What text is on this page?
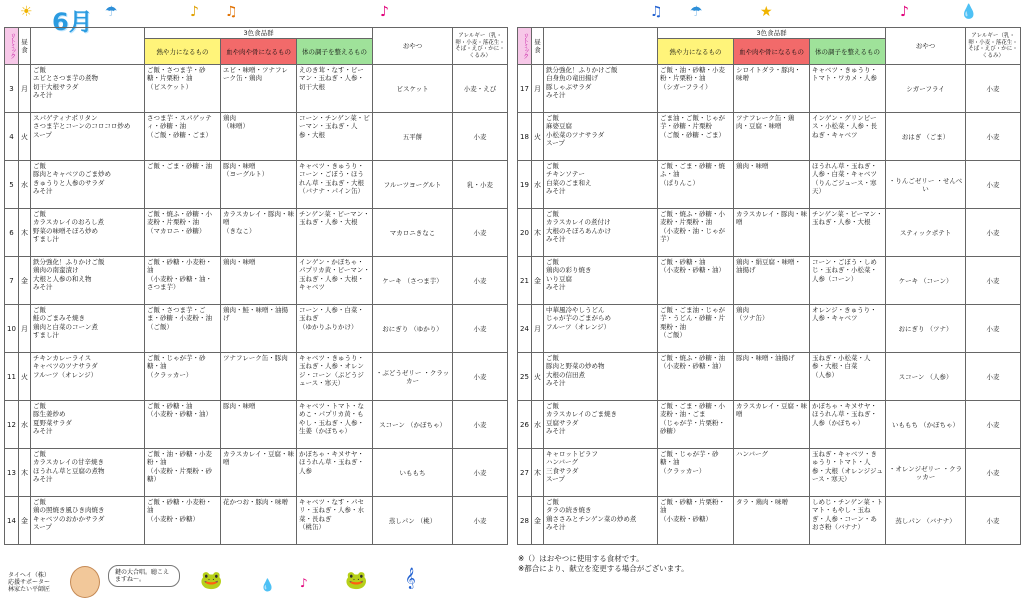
6月
☀	☂	♪ ♫	♪	♫ ☂	★	♪	💧
リトミック	昼食		3色食品群			おやつ	アレルギー（乳・卵・小麦・落花生・そば・えび・かに・くるみ）
			熱や力になるもの	血や肉や骨になるもの	体の調子を整えるもの		
3	月	ご飯
エビとさつま芋の煮物
切干大根サラダ
みそ汁	ご飯・さつま芋・砂糖・片栗粉・油
（ビスケット）	エビ・味噌・ツナフレーク缶・鶏肉	えのき茸・なす・ピーマン・玉ねぎ・人参・切干大根	ビスケット	小麦・えび
4	火	スパゲティナポリタン
さつま芋とコーンのコロコロ炒め
スープ	さつま芋・スパゲッティ・砂糖・油
（ご飯・砂糖・ごま）	鶏肉
（味噌）	コーン・チンゲン菜・ピーマン・玉ねぎ・人参・大根	五平餅	小麦
5	水	ご飯
豚肉とキャベツのごま炒め
きゅうりと人参のサラダ
みそ汁	ご飯・ごま・砂糖・油	豚肉・味噌
（ヨーグルト）	キャベツ・きゅうり・コーン・ごぼう・ほうれん草・玉ねぎ・大根（バナナ・パイン缶）	フルーツヨーグルト	乳・小麦
6	木	ご飯
カラスカレイのおろし煮
野菜の味噌そぼろ炒め
すまし汁	ご飯・焼ふ・砂糖・小麦粉・片栗粉・油
（マカロニ・砂糖）	カラスカレイ・豚肉・味噌
（きなこ）	チンゲン菜・ピーマン・玉ねぎ・人参・大根	マカロニきなこ	小麦
7	金	鉄分強化！ふりかけご飯
鶏肉の南蛮漬け
大根と人参の和え物
みそ汁	ご飯・砂糖・小麦粉・油
（小麦粉・砂糖・油・さつま芋）	鶏肉・味噌	インゲン・かぼちゃ・パプリカ黄・ピーマン・玉ねぎ・人参・大根・キャベツ	ケーキ （さつま芋）	小麦
10	月	ご飯
鮭のごまみそ焼き
鶏肉と白菜のコーン煮
すまし汁	ご飯・さつま芋・ごま・砂糖・小麦粉・油
（ご飯）	鶏肉・鮭・味噌・油揚げ	コーン・人参・白菜・玉ねぎ
（ゆかりふりかけ）	おにぎり （ゆかり）	小麦
11	火	チキンカレーライス
キャベツのツナサラダ
フルーツ（オレンジ）	ご飯・じゃが芋・砂糖・油
（クラッカー）	ツナフレーク缶・豚肉	キャベツ・きゅうり・玉ねぎ・人参・オレンジ・コーン（ぶどうジュース・寒天）	・ぶどうゼリー ・クラッカー	小麦
12	水	ご飯
豚生姜炒め
夏野菜サラダ
みそ汁	ご飯・砂糖・油
（小麦粉・砂糖・油）	豚肉・味噌	キャベツ・トマト・なめこ・パプリカ黄・もやし・玉ねぎ・人参・生姜（かぼちゃ）	スコーン （かぼちゃ）	小麦
13	木	ご飯
カラスカレイの甘辛焼き
ほうれん草と豆腐の煮物
みそ汁	ご飯・油・砂糖・小麦粉・油
（小麦粉・片栗粉・砂糖）	カラスカレイ・豆腐・味噌	かぼちゃ・キヌサヤ・ほうれん草・玉ねぎ・人参	いももち	小麦
14	金	ご飯
鶏の照焼き風ひき肉焼き
キャベツのおかかサラダ
スープ	ご飯・砂糖・小麦粉・油
（小麦粉・砂糖）	花かつお・豚肉・味噌	キャベツ・なす・パセリ・玉ねぎ・人参・水菜・長ねぎ
（桃缶）	蒸しパン （桃）	小麦
リトミック	昼食		3色食品群			おやつ	アレルギー（乳・卵・小麦・落花生・そば・えび・かに・くるみ）
			熱や力になるもの	血や肉や骨になるもの	体の調子を整えるもの		
17	月	鉄分強化！ふりかけご飯
白身魚の竜田揚げ
豚しゃぶサラダ
みそ汁	ご飯・油・砂糖・小麦粉・片栗粉・油
（シガーフライ）	シロイトダラ・豚肉・味噌	キャベツ・きゅうり・トマト・ワカメ・人参	シガーフライ	小麦
18	火	ご飯
麻婆豆腐
小松菜のツナサラダ
スープ	ごま油・ご飯・じゃが芋・砂糖・片栗粉
（ご飯・砂糖・ごま）	ツナフレーク缶・鶏肉・豆腐・味噌	インゲン・グリンピース・小松菜・人参・長ねぎ・キャベツ	おはぎ （ごま）	小麦
19	水	ご飯
チキンソテー
白菜のごま和え
みそ汁	ご飯・ごま・砂糖・焼ふ・油
（ぱりんこ）	鶏肉・味噌	ほうれん草・玉ねぎ・人参・白菜・キャベツ（りんごジュース・寒天）	・りんごゼリー ・せんべい	小麦
20	木	ご飯
カラスカレイの煮付け
大根のそぼろあんかけ
みそ汁	ご飯・焼ふ・砂糖・小麦粉・片栗粉・油
（小麦粉・油・じゃが芋）	カラスカレイ・豚肉・味噌	チンゲン菜・ピーマン・玉ねぎ・人参・大根	スティックポテト	小麦
21	金	ご飯
鶏肉の彩り焼き
いり豆腐
みそ汁	ご飯・砂糖・油
（小麦粉・砂糖・油）	鶏肉・絹豆腐・味噌・油揚げ	コーン・ごぼう・しめじ・玉ねぎ・小松菜・人参（コーン）	ケーキ （コーン）	小麦
24	月	中華風冷やしうどん
じゃが芋のごまがらめ
フルーツ（オレンジ）	ご飯・ごま油・じゃが芋・うどん・砂糖・片栗粉・油
（ご飯）	鶏肉
（ツナ缶）	オレンジ・きゅうり・人参・キャベツ	おにぎり （ツナ）	小麦
25	火	ご飯
豚肉と野菜の炒め物
大根の信田煮
みそ汁	ご飯・焼ふ・砂糖・油
（小麦粉・砂糖・油）	豚肉・味噌・油揚げ	玉ねぎ・小松菜・人参・大根・白菜
（人参）	スコーン （人参）	小麦
26	水	ご飯
カラスカレイのごま焼き
豆腐サラダ
みそ汁	ご飯・ごま・砂糖・小麦粉・油・ごま
（じゃが芋・片栗粉・砂糖）	カラスカレイ・豆腐・味噌	かぼちゃ・キヌサヤ・ほうれん草・玉ねぎ・人参（かぼちゃ）	いももち （かぼちゃ）	小麦
27	木	キャロットピラフ
ハンバーグ
三食サラダ
スープ	ご飯・じゃが芋・砂糖・油
（クラッカー）	ハンバーグ	玉ねぎ・キャベツ・きゅうり・トマト・人参・大根（オレンジジュース・寒天）	・オレンジゼリー ・クラッカー	小麦
28	金	ご飯
タラの続き焼き
鶏ささみとチンゲン菜の炒め煮
みそ汁	ご飯・砂糖・片栗粉・油
（小麦粉・砂糖）	タラ・鶏肉・味噌	しめじ・チンゲン菜・トマト・もやし・玉ねぎ・人参・コーン・あおさ粉（バナナ）	蒸しパン （バナナ）	小麦
※（）はおやつに使用する食材です。
※都合により、献立を変更する場合がございます。
タイヘイ（株）
応援サポーター
林家たい平師匠
鍵の大合唱。聴こえますね〜。	🐸	🐸 𝄞
💧 ♪
